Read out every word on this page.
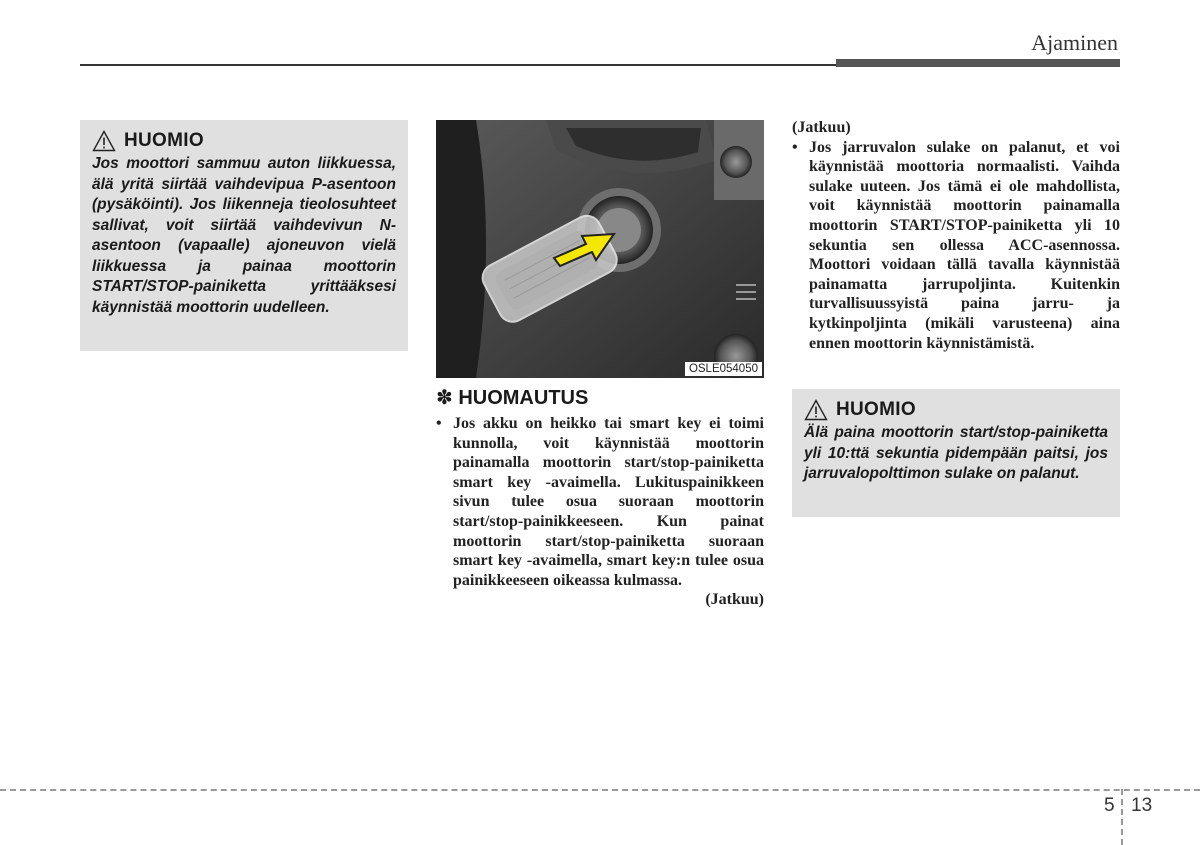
Ajaminen
HUOMIO
Jos moottori sammuu auton liikkuessa, älä yritä siirtää vaihdevipua P-asentoon (pysäköinti). Jos liikenneja tieolosuhteet sallivat, voit siirtää vaihdevivun N-asentoon (vapaalle) ajoneuvon vielä liikkuessa ja painaa moottorin START/STOP-painiketta yrittääksesi käynnistää moottorin uudelleen.
OSLE054050
✽ HUOMAUTUS
• Jos akku on heikko tai smart key ei toimi kunnolla, voit käynnistää moottorin painamalla moottorin start/stop-painiketta smart key -avaimella. Lukituspainikkeen sivun tulee osua suoraan moottorin start/stop-painikkeeseen. Kun painat moottorin start/stop-painiketta suoraan smart key -avaimella, smart key:n tulee osua painikkeeseen oikeassa kulmassa.
(Jatkuu)
(Jatkuu)
• Jos jarruvalon sulake on palanut, et voi käynnistää moottoria normaalisti. Vaihda sulake uuteen. Jos tämä ei ole mahdollista, voit käynnistää moottorin painamalla moottorin START/STOP-painiketta yli 10 sekuntia sen ollessa ACC-asennossa. Moottori voidaan tällä tavalla käynnistää painamatta jarrupoljinta. Kuitenkin turvallisuussyistä paina jarru- ja kytkinpoljinta (mikäli varusteena) aina ennen moottorin käynnistämistä.
HUOMIO
Älä paina moottorin start/stop-painiketta yli 10:ttä sekuntia pidempään paitsi, jos jarruvalopolttimon sulake on palanut.
5 13
